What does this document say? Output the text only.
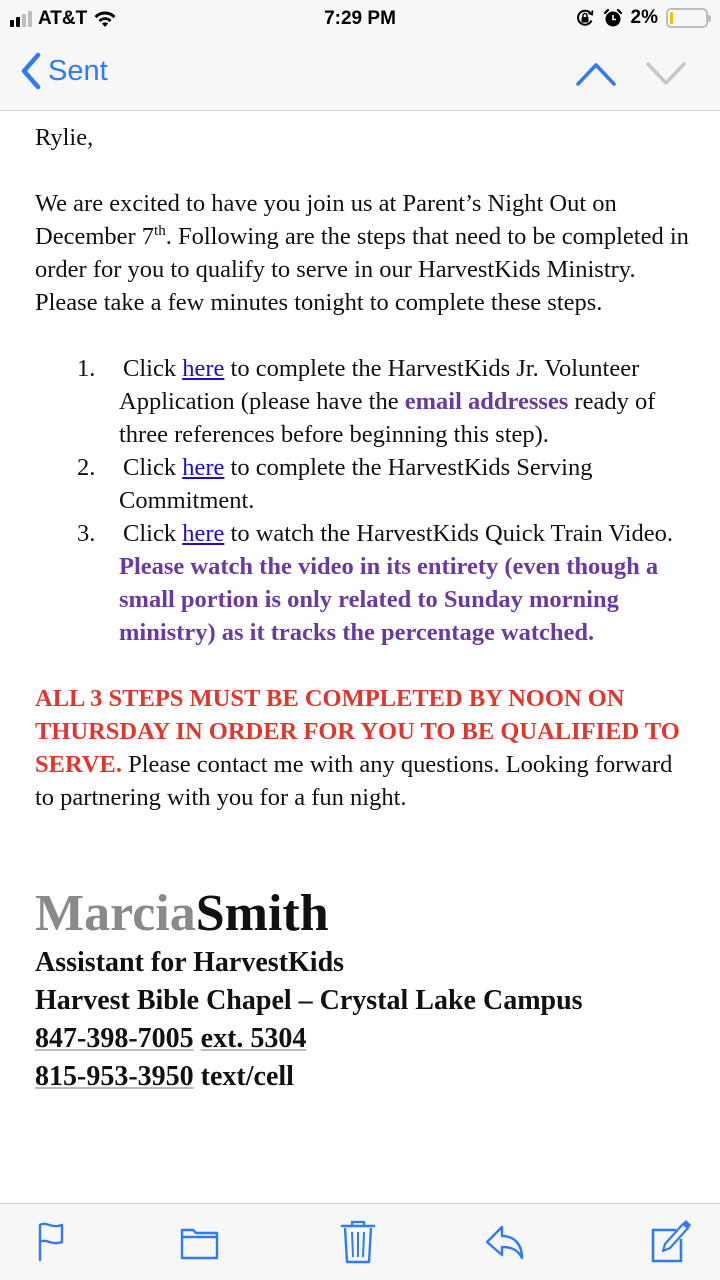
AT&T	7:29 PM	2%
Sent

Rylie,

We are excited to have you join us at Parent’s Night Out on December 7th. Following are the steps that need to be completed in order for you to qualify to serve in our HarvestKids Ministry. Please take a few minutes tonight to complete these steps.

1. Click here to complete the HarvestKids Jr. Volunteer Application (please have the email addresses ready of three references before beginning this step).
2. Click here to complete the HarvestKids Serving Commitment.
3. Click here to watch the HarvestKids Quick Train Video. Please watch the video in its entirety (even though a small portion is only related to Sunday morning ministry) as it tracks the percentage watched.

ALL 3 STEPS MUST BE COMPLETED BY NOON ON THURSDAY IN ORDER FOR YOU TO BE QUALIFIED TO SERVE. Please contact me with any questions. Looking forward to partnering with you for a fun night.

MarciaSmith
Assistant for HarvestKids
Harvest Bible Chapel – Crystal Lake Campus
847-398-7005 ext. 5304
815-953-3950 text/cell
